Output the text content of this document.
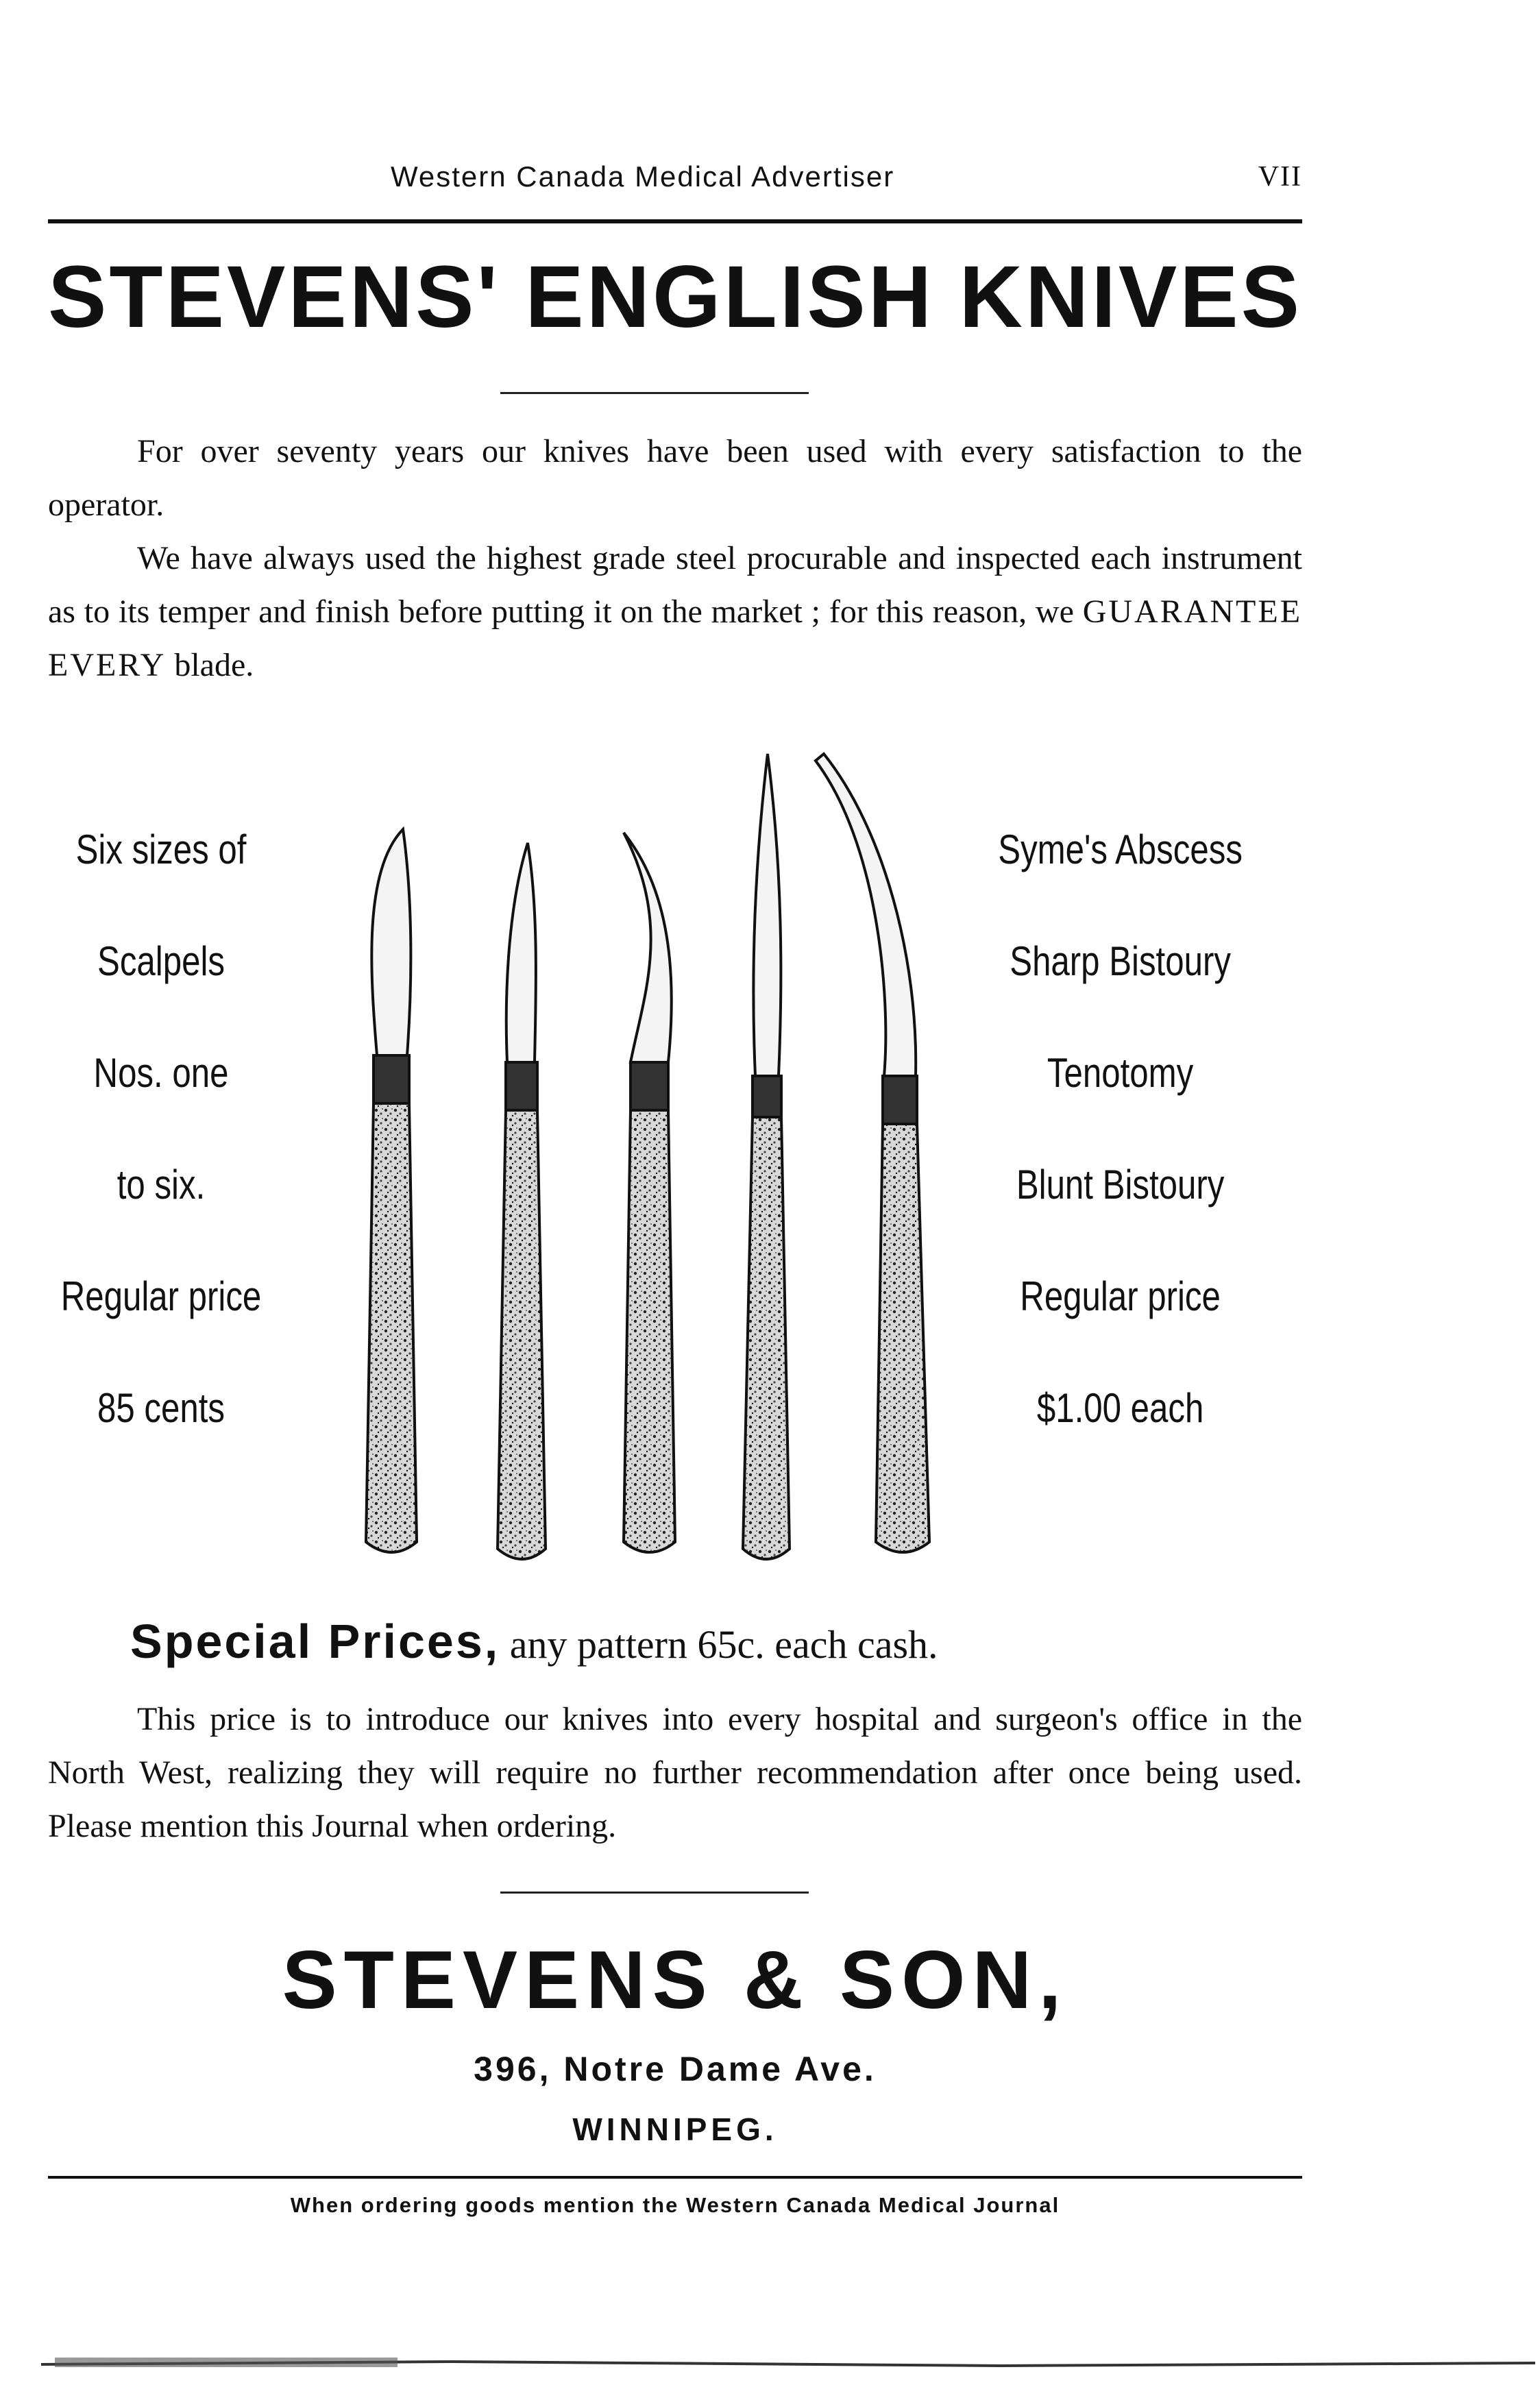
Western Canada Medical Advertiser	VII
STEVENS' ENGLISH KNIVES

For over seventy years our knives have been used with every satisfaction to the operator.

We have always used the highest grade steel procurable and inspected each instrument as to its temper and finish before putting it on the market ; for this reason, we GUARANTEE EVERY blade.

Six sizes of
Scalpels
Nos. one
to six.
Regular price
85 cents
Syme's Abscess
Sharp Bistoury
Tenotomy
Blunt Bistoury
Regular price
$1.00 each
Special Prices, any pattern 65c. each cash.

This price is to introduce our knives into every hospital and surgeon's office in the North West, realizing they will require no further recommendation after once being used. Please mention this Journal when ordering.

STEVENS & SON,
396, Notre Dame Ave.
WINNIPEG.
When ordering goods mention the Western Canada Medical Journal
